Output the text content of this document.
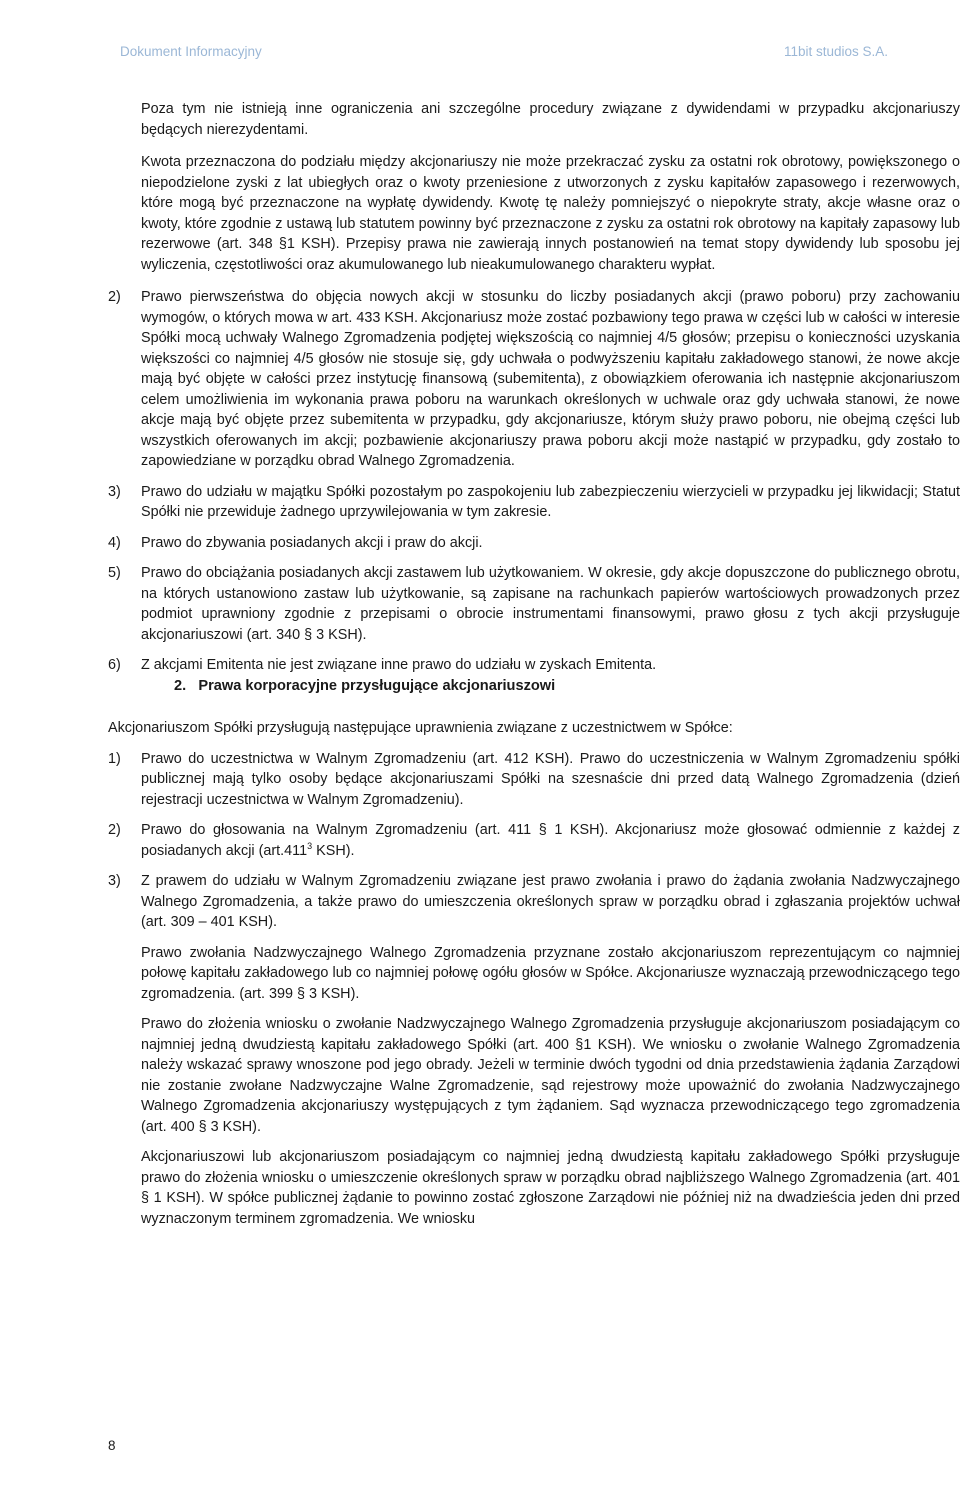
Dokument Informacyjny	11bit studios S.A.

Poza tym nie istnieją inne ograniczenia ani szczególne procedury związane z dywidendami w przypadku akcjonariuszy będących nierezydentami.

Kwota przeznaczona do podziału między akcjonariuszy nie może przekraczać zysku za ostatni rok obrotowy, powiększonego o niepodzielone zyski z lat ubiegłych oraz o kwoty przeniesione z utworzonych z zysku kapitałów zapasowego i rezerwowych, które mogą być przeznaczone na wypłatę dywidendy. Kwotę tę należy pomniejszyć o niepokryte straty, akcje własne oraz o kwoty, które zgodnie z ustawą lub statutem powinny być przeznaczone z zysku za ostatni rok obrotowy na kapitały zapasowy lub rezerwowe (art. 348 §1 KSH). Przepisy prawa nie zawierają innych postanowień na temat stopy dywidendy lub sposobu jej wyliczenia, częstotliwości oraz akumulowanego lub nieakumulowanego charakteru wypłat.

2) Prawo pierwszeństwa do objęcia nowych akcji w stosunku do liczby posiadanych akcji (prawo poboru) przy zachowaniu wymogów, o których mowa w art. 433 KSH. Akcjonariusz może zostać pozbawiony tego prawa w części lub w całości w interesie Spółki mocą uchwały Walnego Zgromadzenia podjętej większością co najmniej 4/5 głosów; przepisu o konieczności uzyskania większości co najmniej 4/5 głosów nie stosuje się, gdy uchwała o podwyższeniu kapitału zakładowego stanowi, że nowe akcje mają być objęte w całości przez instytucję finansową (subemitenta), z obowiązkiem oferowania ich następnie akcjonariuszom celem umożliwienia im wykonania prawa poboru na warunkach określonych w uchwale oraz gdy uchwała stanowi, że nowe akcje mają być objęte przez subemitenta w przypadku, gdy akcjonariusze, którym służy prawo poboru, nie obejmą części lub wszystkich oferowanych im akcji; pozbawienie akcjonariuszy prawa poboru akcji może nastąpić w przypadku, gdy zostało to zapowiedziane w porządku obrad Walnego Zgromadzenia.
3) Prawo do udziału w majątku Spółki pozostałym po zaspokojeniu lub zabezpieczeniu wierzycieli w przypadku jej likwidacji; Statut Spółki nie przewiduje żadnego uprzywilejowania w tym zakresie.
4) Prawo do zbywania posiadanych akcji i praw do akcji.
5) Prawo do obciążania posiadanych akcji zastawem lub użytkowaniem. W okresie, gdy akcje dopuszczone do publicznego obrotu, na których ustanowiono zastaw lub użytkowanie, są zapisane na rachunkach papierów wartościowych prowadzonych przez podmiot uprawniony zgodnie z przepisami o obrocie instrumentami finansowymi, prawo głosu z tych akcji przysługuje akcjonariuszowi (art. 340 § 3 KSH).
6) Z akcjami Emitenta nie jest związane inne prawo do udziału w zyskach Emitenta.

2.   Prawa korporacyjne przysługujące akcjonariuszowi

Akcjonariuszom Spółki przysługują następujące uprawnienia związane z uczestnictwem w Spółce:

1) Prawo do uczestnictwa w Walnym Zgromadzeniu (art. 412 KSH). Prawo do uczestniczenia w Walnym Zgromadzeniu spółki publicznej mają tylko osoby będące akcjonariuszami Spółki na szesnaście dni przed datą Walnego Zgromadzenia (dzień rejestracji uczestnictwa w Walnym Zgromadzeniu).
2) Prawo do głosowania na Walnym Zgromadzeniu (art. 411 § 1 KSH). Akcjonariusz może głosować odmiennie z każdej z posiadanych akcji (art.411$^3$ KSH).
3) Z prawem do udziału w Walnym Zgromadzeniu związane jest prawo zwołania i prawo do żądania zwołania Nadzwyczajnego Walnego Zgromadzenia, a także prawo do umieszczenia określonych spraw w porządku obrad i zgłaszania projektów uchwał (art. 309 – 401 KSH).

Prawo zwołania Nadzwyczajnego Walnego Zgromadzenia przyznane zostało akcjonariuszom reprezentującym co najmniej połowę kapitału zakładowego lub co najmniej połowę ogółu głosów w Spółce. Akcjonariusze wyznaczają przewodniczącego tego zgromadzenia. (art. 399 § 3 KSH).

Prawo do złożenia wniosku o zwołanie Nadzwyczajnego Walnego Zgromadzenia przysługuje akcjonariuszom posiadającym co najmniej jedną dwudziestą kapitału zakładowego Spółki (art. 400 §1 KSH). We wniosku o zwołanie Walnego Zgromadzenia należy wskazać sprawy wnoszone pod jego obrady. Jeżeli w terminie dwóch tygodni od dnia przedstawienia żądania Zarządowi nie zostanie zwołane Nadzwyczajne Walne Zgromadzenie, sąd rejestrowy może upoważnić do zwołania Nadzwyczajnego Walnego Zgromadzenia akcjonariuszy występujących z tym żądaniem. Sąd wyznacza przewodniczącego tego zgromadzenia (art. 400 § 3 KSH).

Akcjonariuszowi lub akcjonariuszom posiadającym co najmniej jedną dwudziestą kapitału zakładowego Spółki przysługuje prawo do złożenia wniosku o umieszczenie określonych spraw w porządku obrad najbliższego Walnego Zgromadzenia (art. 401 § 1 KSH). W spółce publicznej żądanie to powinno zostać zgłoszone Zarządowi nie później niż na dwadzieścia jeden dni przed wyznaczonym terminem zgromadzenia. We wniosku

8
